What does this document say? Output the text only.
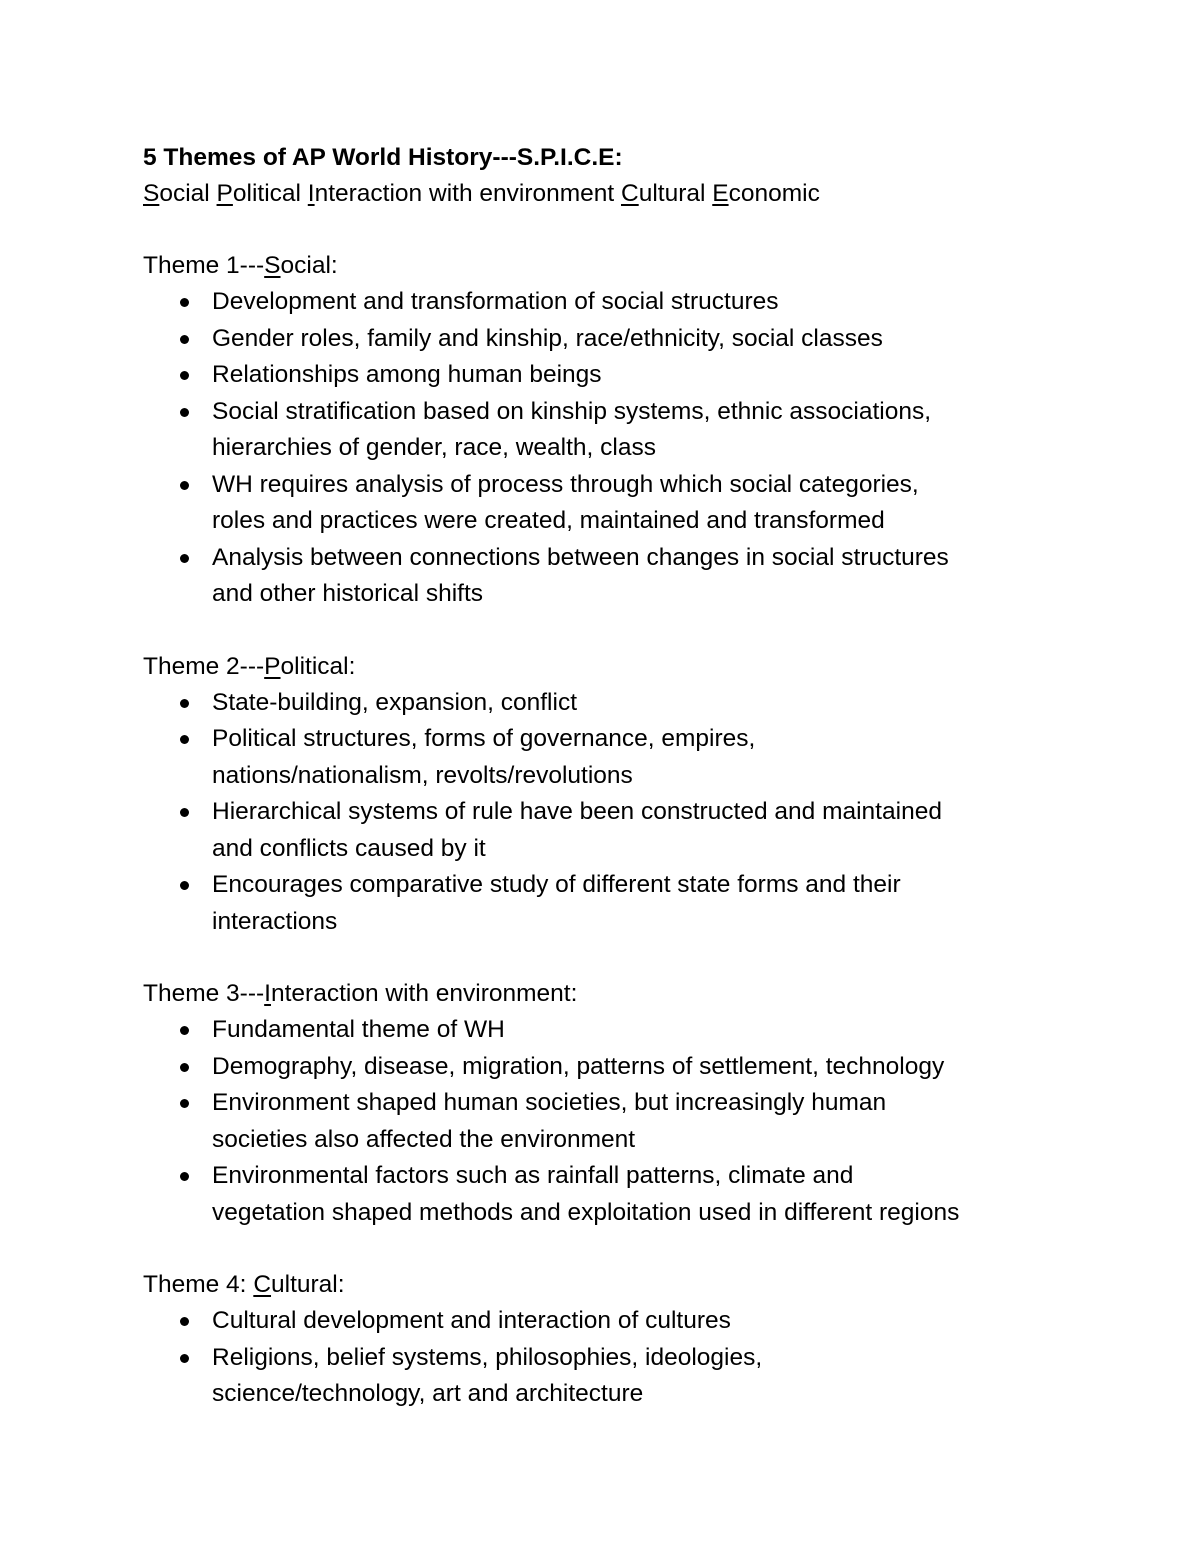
5 Themes of AP World History---S.P.I.C.E:

Social Political Interaction with environment Cultural Economic

Theme 1---Social:

Development and transformation of social structures
Gender roles, family and kinship, race/ethnicity, social classes
Relationships among human beings
Social stratification based on kinship systems, ethnic associations,
hierarchies of gender, race, wealth, class
WH requires analysis of process through which social categories,
roles and practices were created, maintained and transformed
Analysis between connections between changes in social structures
and other historical shifts

Theme 2---Political:

State-building, expansion, conflict
Political structures, forms of governance, empires,
nations/nationalism, revolts/revolutions
Hierarchical systems of rule have been constructed and maintained
and conflicts caused by it
Encourages comparative study of different state forms and their
interactions

Theme 3---Interaction with environment:

Fundamental theme of WH
Demography, disease, migration, patterns of settlement, technology
Environment shaped human societies, but increasingly human
societies also affected the environment
Environmental factors such as rainfall patterns, climate and
vegetation shaped methods and exploitation used in different regions

Theme 4: Cultural:

Cultural development and interaction of cultures
Religions, belief systems, philosophies, ideologies,
science/technology, art and architecture
